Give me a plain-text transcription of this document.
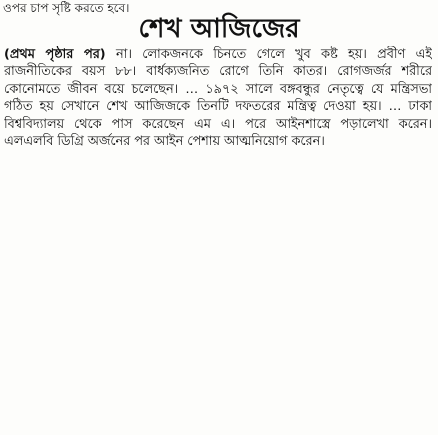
ওপর চাপ সৃষ্টি করতে হবে।
শেখ আজিজের
(প্রথম পৃষ্ঠার পর) না। লোকজনকে চিনতে গেলে খুব কষ্ট হয়। প্রবীণ এই রাজনীতিকের বয়স ৮৮। বার্ধক্যজনিত রোগে তিনি কাতর। রোগজর্জর শরীরে কোনোমতে জীবন বয়ে চলেছেন। … ১৯৭২ সালে বঙ্গবন্ধুর নেতৃত্বে যে মন্ত্রিসভা গঠিত হয় সেখানে শেখ আজিজকে তিনটি দফতরের মন্ত্রিত্ব দেওয়া হয়। … ঢাকা বিশ্ববিদ্যালয় থেকে পাস করেছেন এম এ। পরে আইনশাস্ত্রে পড়ালেখা করেন। এলএলবি ডিগ্রি অর্জনের পর আইন পেশায় আত্মনিয়োগ করেন।
